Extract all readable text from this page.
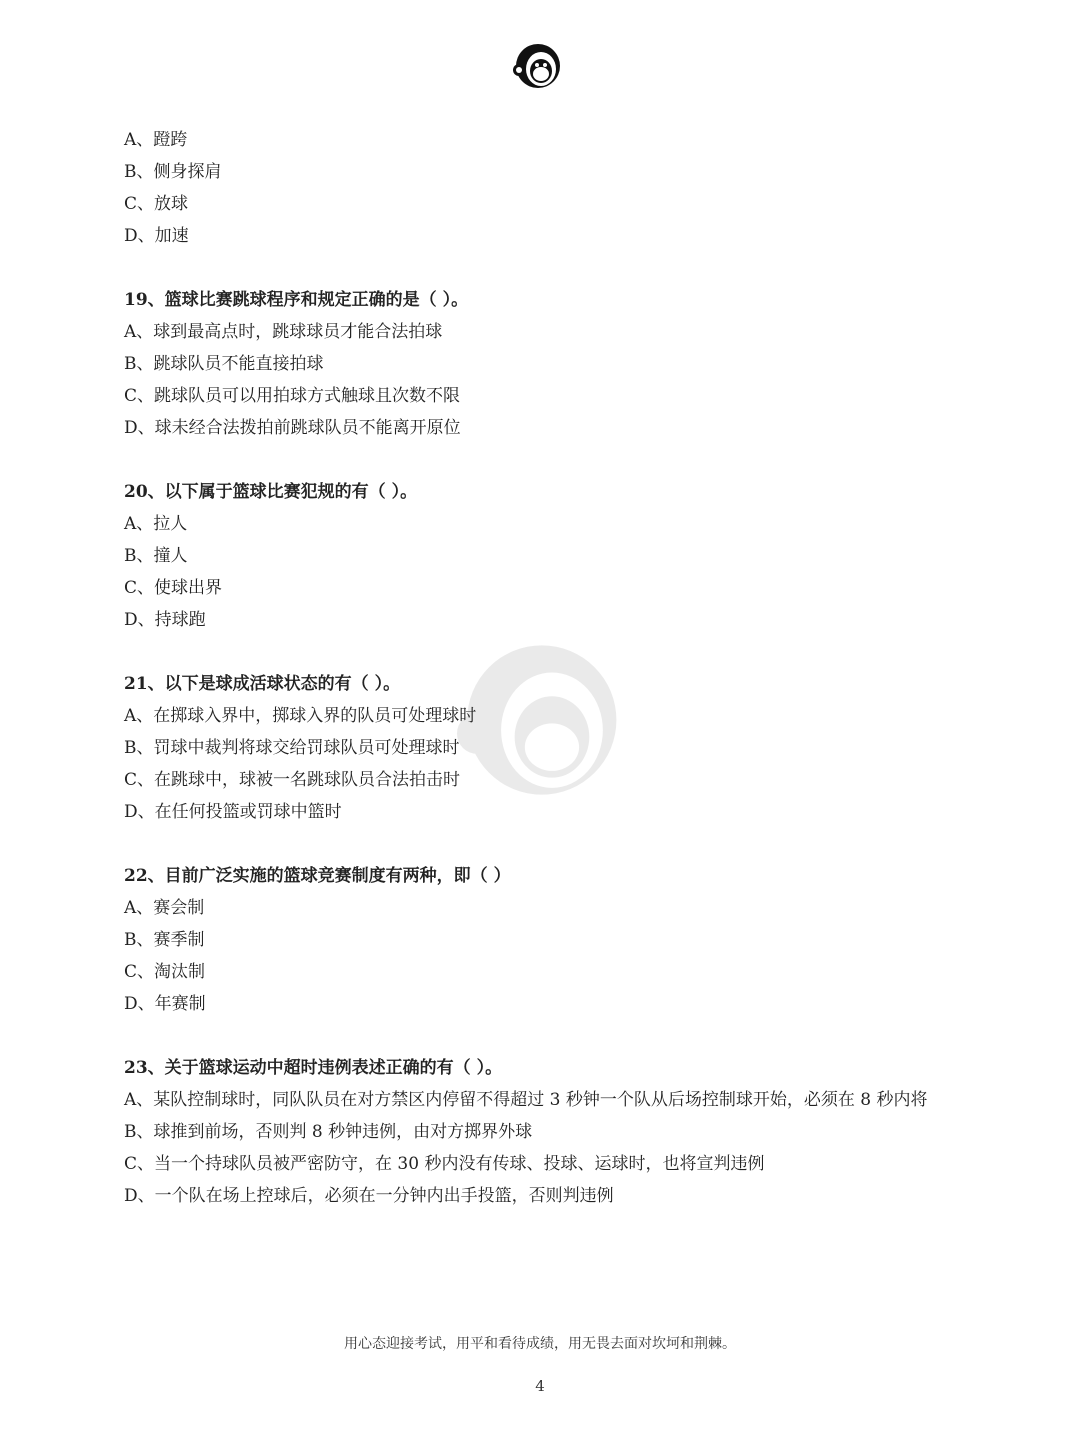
A、蹬跨
B、侧身探肩
C、放球
D、加速
19、篮球比赛跳球程序和规定正确的是（ ）。
A、球到最高点时，跳球球员才能合法拍球
B、跳球队员不能直接拍球
C、跳球队员可以用拍球方式触球且次数不限
D、球未经合法拨拍前跳球队员不能离开原位
20、以下属于篮球比赛犯规的有（ ）。
A、拉人
B、撞人
C、使球出界
D、持球跑
21、以下是球成活球状态的有（ ）。
A、在掷球入界中，掷球入界的队员可处理球时
B、罚球中裁判将球交给罚球队员可处理球时
C、在跳球中，球被一名跳球队员合法拍击时
D、在任何投篮或罚球中篮时
22、目前广泛实施的篮球竞赛制度有两种，即（ ）
A、赛会制
B、赛季制
C、淘汰制
D、年赛制
23、关于篮球运动中超时违例表述正确的有（ ）。
A、某队控制球时，同队队员在对方禁区内停留不得超过 3 秒钟一个队从后场控制球开始，必须在 8 秒内将
B、球推到前场，否则判 8 秒钟违例，由对方掷界外球
C、当一个持球队员被严密防守，在 30 秒内没有传球、投球、运球时，也将宣判违例
D、一个队在场上控球后，必须在一分钟内出手投篮，否则判违例
用心态迎接考试，用平和看待成绩，用无畏去面对坎坷和荆棘。
4
